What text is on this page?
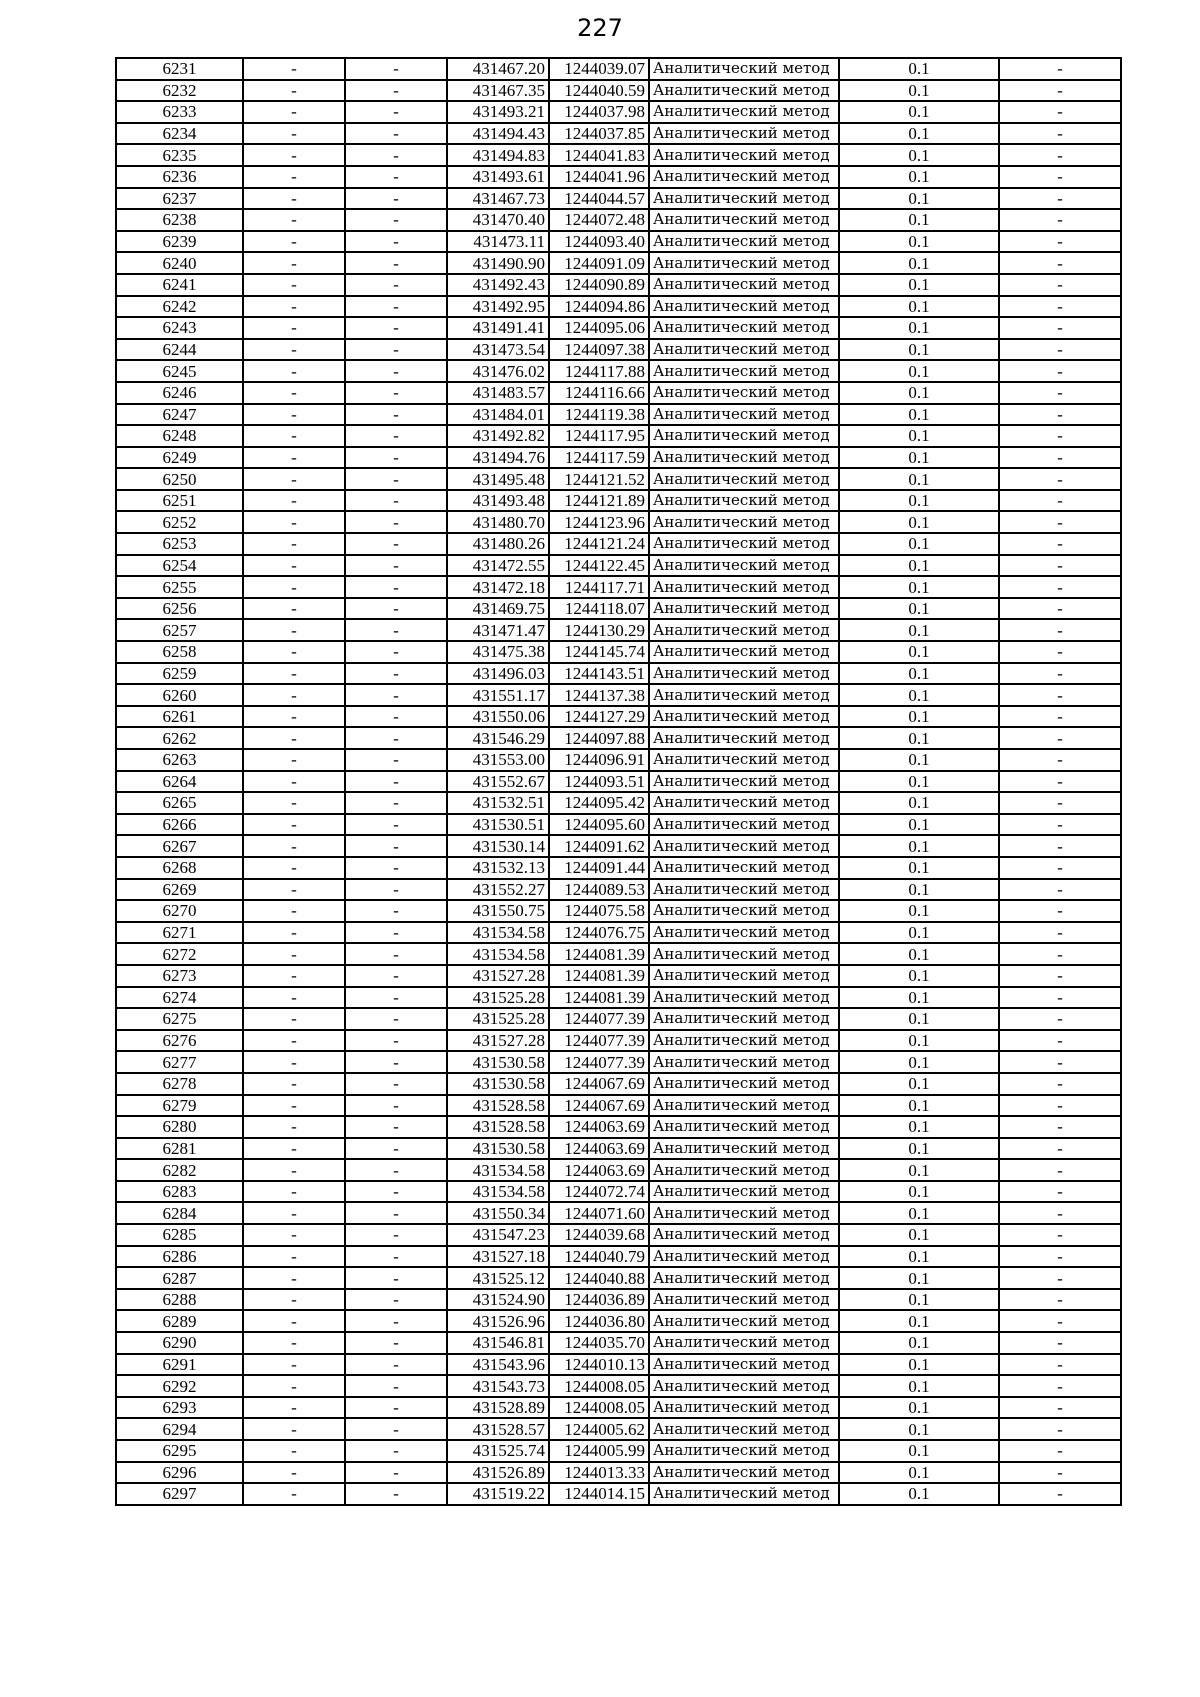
227
6231	-	-	431467.20	1244039.07	Аналитический метод	0.1	-
6232	-	-	431467.35	1244040.59	Аналитический метод	0.1	-
6233	-	-	431493.21	1244037.98	Аналитический метод	0.1	-
6234	-	-	431494.43	1244037.85	Аналитический метод	0.1	-
6235	-	-	431494.83	1244041.83	Аналитический метод	0.1	-
6236	-	-	431493.61	1244041.96	Аналитический метод	0.1	-
6237	-	-	431467.73	1244044.57	Аналитический метод	0.1	-
6238	-	-	431470.40	1244072.48	Аналитический метод	0.1	-
6239	-	-	431473.11	1244093.40	Аналитический метод	0.1	-
6240	-	-	431490.90	1244091.09	Аналитический метод	0.1	-
6241	-	-	431492.43	1244090.89	Аналитический метод	0.1	-
6242	-	-	431492.95	1244094.86	Аналитический метод	0.1	-
6243	-	-	431491.41	1244095.06	Аналитический метод	0.1	-
6244	-	-	431473.54	1244097.38	Аналитический метод	0.1	-
6245	-	-	431476.02	1244117.88	Аналитический метод	0.1	-
6246	-	-	431483.57	1244116.66	Аналитический метод	0.1	-
6247	-	-	431484.01	1244119.38	Аналитический метод	0.1	-
6248	-	-	431492.82	1244117.95	Аналитический метод	0.1	-
6249	-	-	431494.76	1244117.59	Аналитический метод	0.1	-
6250	-	-	431495.48	1244121.52	Аналитический метод	0.1	-
6251	-	-	431493.48	1244121.89	Аналитический метод	0.1	-
6252	-	-	431480.70	1244123.96	Аналитический метод	0.1	-
6253	-	-	431480.26	1244121.24	Аналитический метод	0.1	-
6254	-	-	431472.55	1244122.45	Аналитический метод	0.1	-
6255	-	-	431472.18	1244117.71	Аналитический метод	0.1	-
6256	-	-	431469.75	1244118.07	Аналитический метод	0.1	-
6257	-	-	431471.47	1244130.29	Аналитический метод	0.1	-
6258	-	-	431475.38	1244145.74	Аналитический метод	0.1	-
6259	-	-	431496.03	1244143.51	Аналитический метод	0.1	-
6260	-	-	431551.17	1244137.38	Аналитический метод	0.1	-
6261	-	-	431550.06	1244127.29	Аналитический метод	0.1	-
6262	-	-	431546.29	1244097.88	Аналитический метод	0.1	-
6263	-	-	431553.00	1244096.91	Аналитический метод	0.1	-
6264	-	-	431552.67	1244093.51	Аналитический метод	0.1	-
6265	-	-	431532.51	1244095.42	Аналитический метод	0.1	-
6266	-	-	431530.51	1244095.60	Аналитический метод	0.1	-
6267	-	-	431530.14	1244091.62	Аналитический метод	0.1	-
6268	-	-	431532.13	1244091.44	Аналитический метод	0.1	-
6269	-	-	431552.27	1244089.53	Аналитический метод	0.1	-
6270	-	-	431550.75	1244075.58	Аналитический метод	0.1	-
6271	-	-	431534.58	1244076.75	Аналитический метод	0.1	-
6272	-	-	431534.58	1244081.39	Аналитический метод	0.1	-
6273	-	-	431527.28	1244081.39	Аналитический метод	0.1	-
6274	-	-	431525.28	1244081.39	Аналитический метод	0.1	-
6275	-	-	431525.28	1244077.39	Аналитический метод	0.1	-
6276	-	-	431527.28	1244077.39	Аналитический метод	0.1	-
6277	-	-	431530.58	1244077.39	Аналитический метод	0.1	-
6278	-	-	431530.58	1244067.69	Аналитический метод	0.1	-
6279	-	-	431528.58	1244067.69	Аналитический метод	0.1	-
6280	-	-	431528.58	1244063.69	Аналитический метод	0.1	-
6281	-	-	431530.58	1244063.69	Аналитический метод	0.1	-
6282	-	-	431534.58	1244063.69	Аналитический метод	0.1	-
6283	-	-	431534.58	1244072.74	Аналитический метод	0.1	-
6284	-	-	431550.34	1244071.60	Аналитический метод	0.1	-
6285	-	-	431547.23	1244039.68	Аналитический метод	0.1	-
6286	-	-	431527.18	1244040.79	Аналитический метод	0.1	-
6287	-	-	431525.12	1244040.88	Аналитический метод	0.1	-
6288	-	-	431524.90	1244036.89	Аналитический метод	0.1	-
6289	-	-	431526.96	1244036.80	Аналитический метод	0.1	-
6290	-	-	431546.81	1244035.70	Аналитический метод	0.1	-
6291	-	-	431543.96	1244010.13	Аналитический метод	0.1	-
6292	-	-	431543.73	1244008.05	Аналитический метод	0.1	-
6293	-	-	431528.89	1244008.05	Аналитический метод	0.1	-
6294	-	-	431528.57	1244005.62	Аналитический метод	0.1	-
6295	-	-	431525.74	1244005.99	Аналитический метод	0.1	-
6296	-	-	431526.89	1244013.33	Аналитический метод	0.1	-
6297	-	-	431519.22	1244014.15	Аналитический метод	0.1	-
